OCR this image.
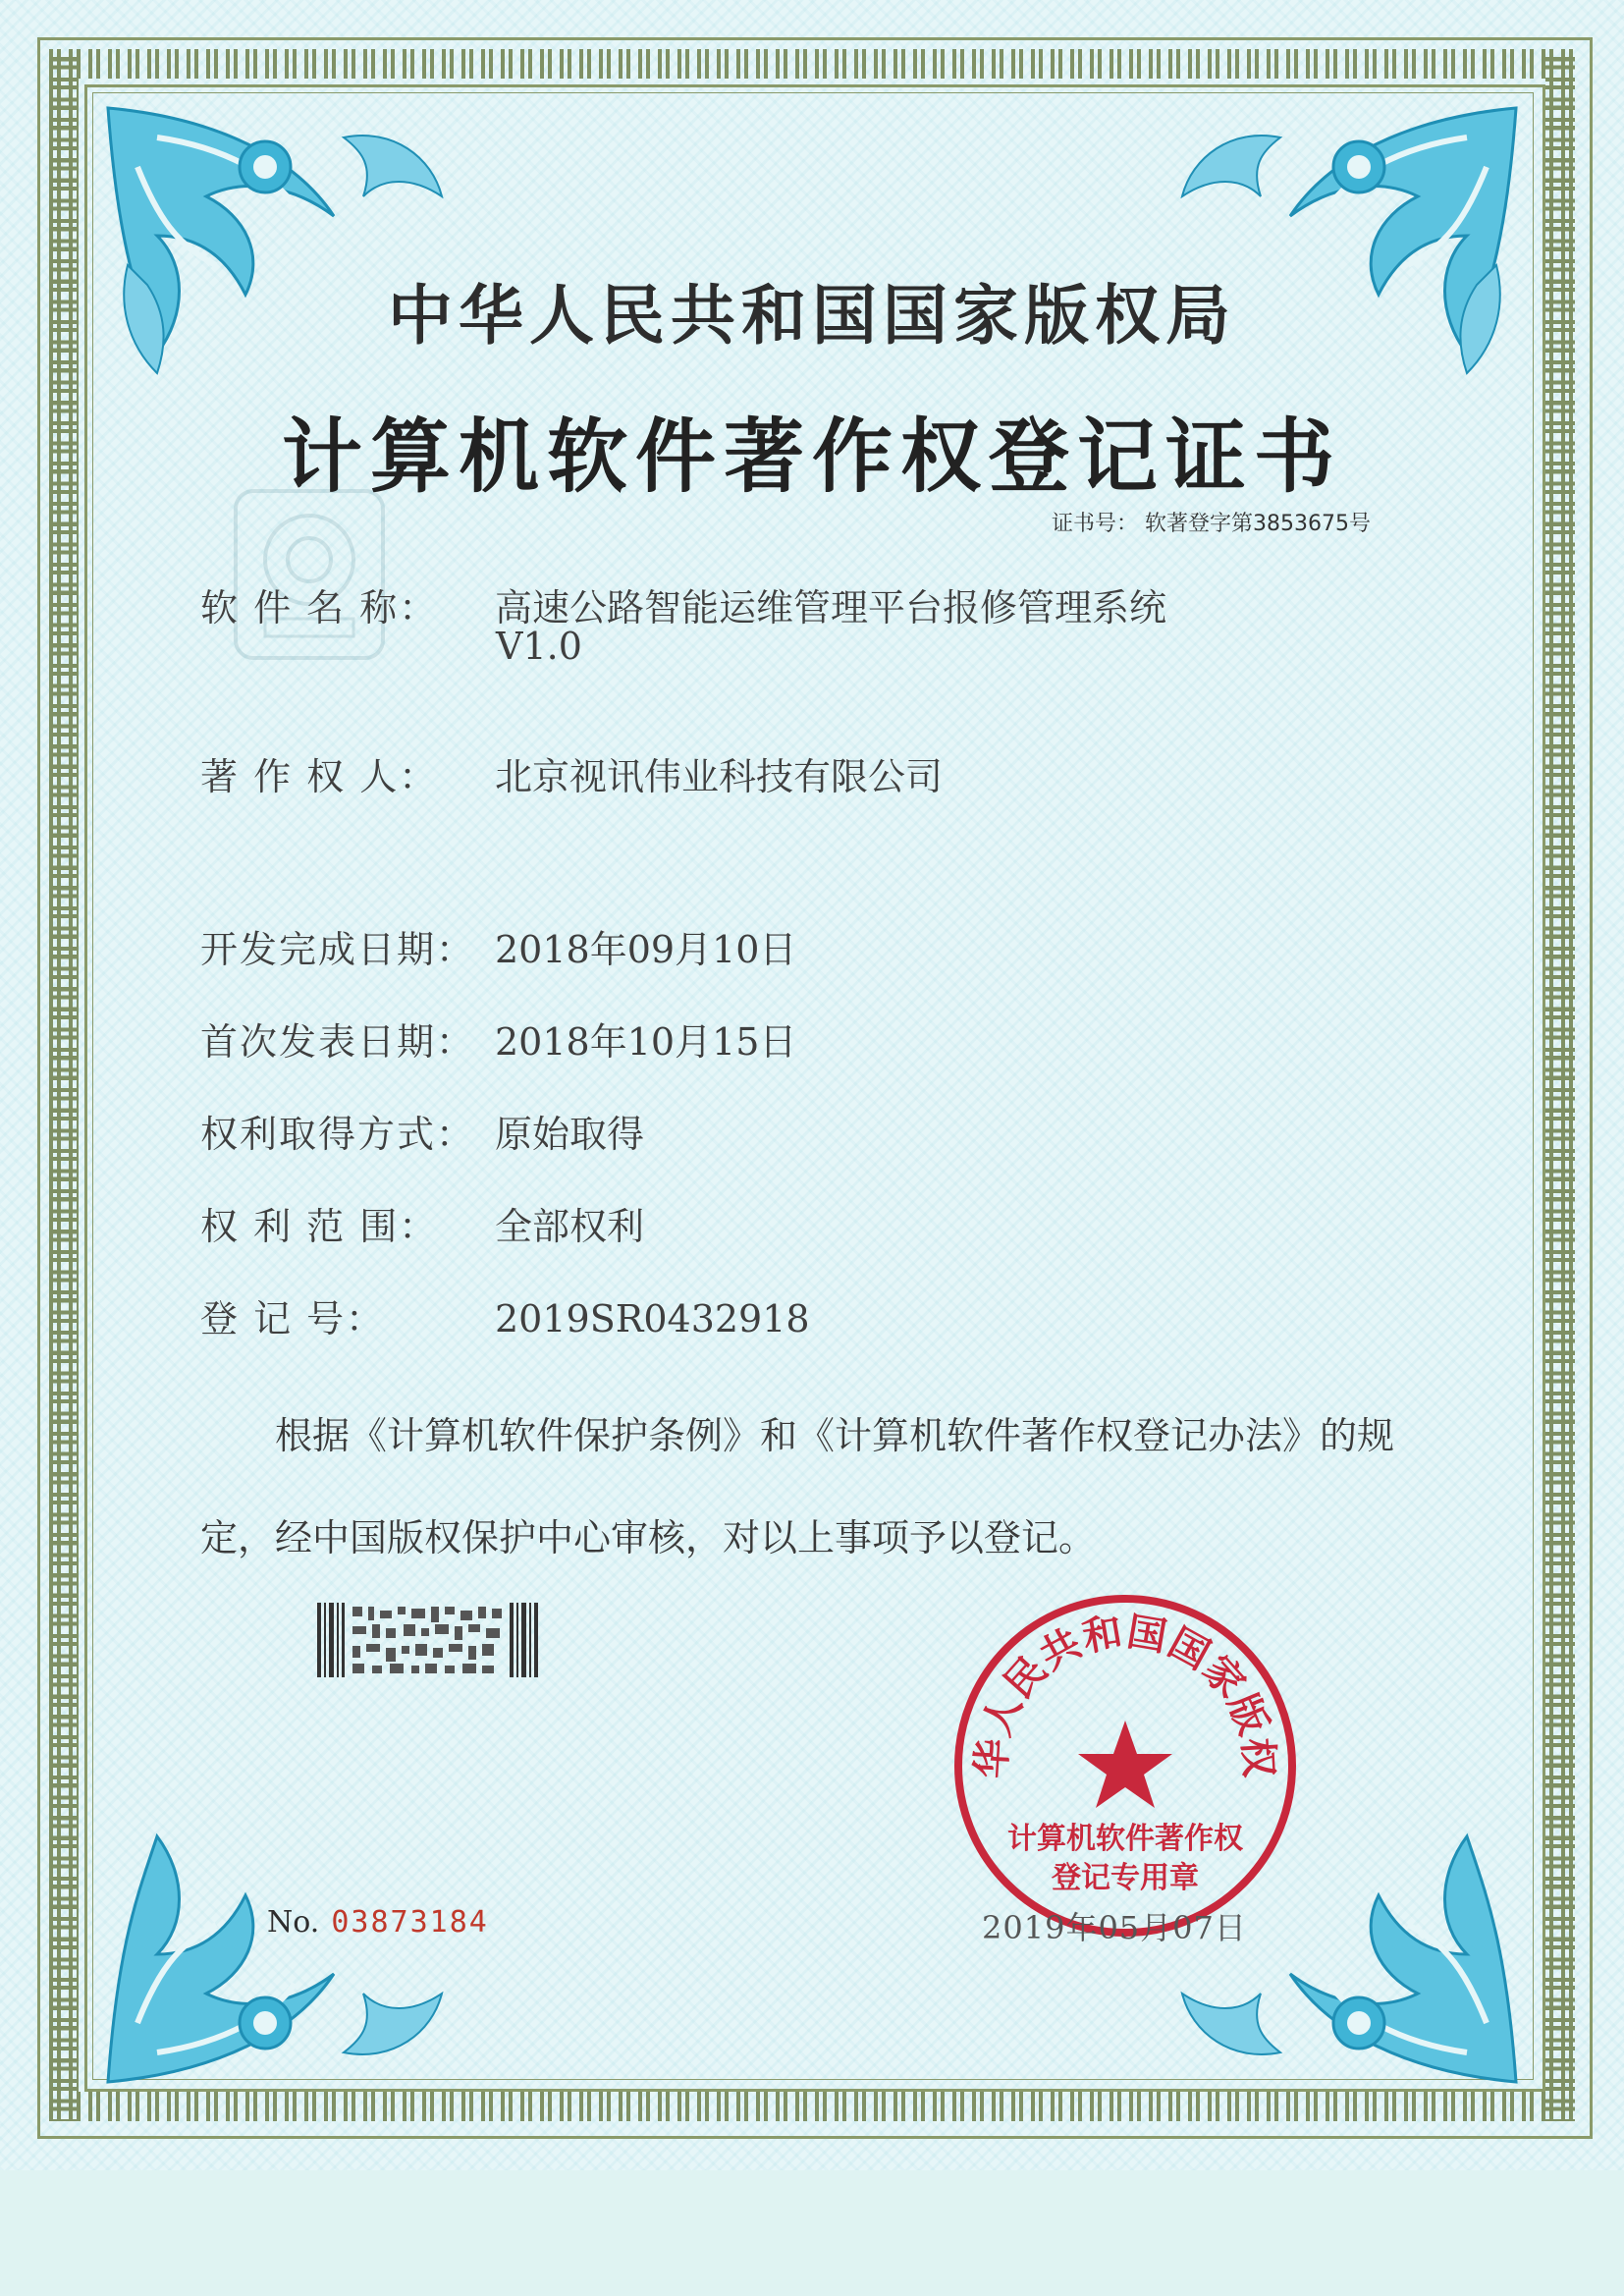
中华人民共和国国家版权局
计算机软件著作权登记证书
证书号： 软著登字第3853675号
软 件 名 称： 高速公路智能运维管理平台报修管理系统
V1.0
著 作 权 人： 北京视讯伟业科技有限公司
开发完成日期： 2018年09月10日
首次发表日期： 2018年10月15日
权利取得方式： 原始取得
权 利 范 围： 全部权利
登 记 号：	2019SR0432918
根据《计算机软件保护条例》和《计算机软件著作权登记办法》的规定，经中国版权保护中心审核，对以上事项予以登记。
华人民共和国国家版权
计算机软件著作权
登记专用章
No. 03873184	2019年05月07日
